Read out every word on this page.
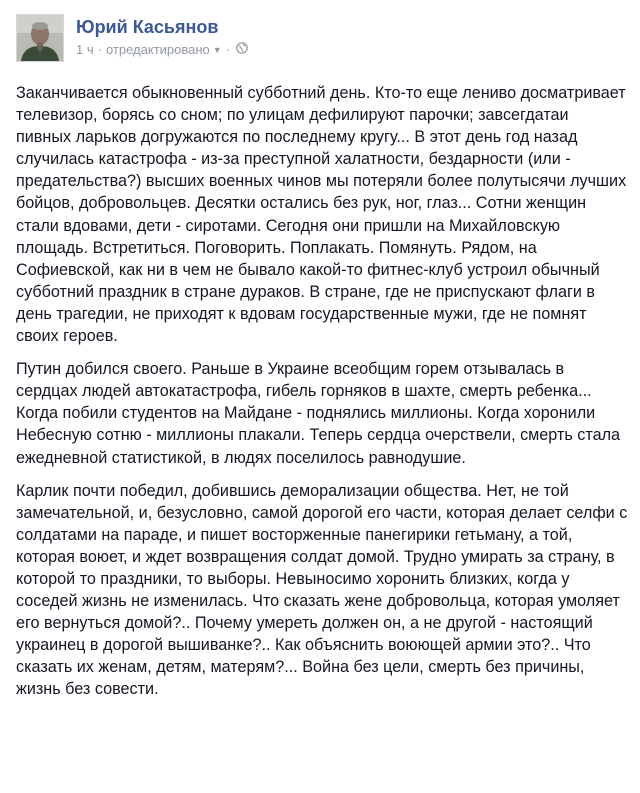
Юрий Касьянов
1 ч · отредактировано ▼ ·

Заканчивается обыкновенный субботний день. Кто-то еще лениво досматривает телевизор, борясь со сном; по улицам дефилируют парочки; завсегдатаи пивных ларьков догружаются по последнему кругу... В этот день год назад случилась катастрофа - из-за преступной халатности, бездарности (или - предательства?) высших военных чинов мы потеряли более полутысячи лучших бойцов, добровольцев. Десятки остались без рук, ног, глаз... Сотни женщин стали вдовами, дети - сиротами. Сегодня они пришли на Михайловскую площадь. Встретиться. Поговорить. Поплакать. Помянуть. Рядом, на Софиевской, как ни в чем не бывало какой-то фитнес-клуб устроил обычный субботний праздник в стране дураков. В стране, где не приспускают флаги в день трагедии, не приходят к вдовам государственные мужи, где не помнят своих героев.

Путин добился своего. Раньше в Украине всеобщим горем отзывалась в сердцах людей автокатастрофа, гибель горняков в шахте, смерть ребенка... Когда побили студентов на Майдане - поднялись миллионы. Когда хоронили Небесную сотню - миллионы плакали. Теперь сердца очерствели, смерть стала ежедневной статистикой, в людях поселилось равнодушие.

Карлик почти победил, добившись деморализации общества. Нет, не той замечательной, и, безусловно, самой дорогой его части, которая делает селфи с солдатами на параде, и пишет восторженные панегирики гетьману, а той, которая воюет, и ждет возвращения солдат домой. Трудно умирать за страну, в которой то праздники, то выборы. Невыносимо хоронить близких, когда у соседей жизнь не изменилась. Что сказать жене добровольца, которая умоляет его вернуться домой?.. Почему умереть должен он, а не другой - настоящий украинец в дорогой вышиванке?.. Как объяснить воюющей армии это?.. Что сказать их женам, детям, матерям?... Война без цели, смерть без причины, жизнь без совести.
